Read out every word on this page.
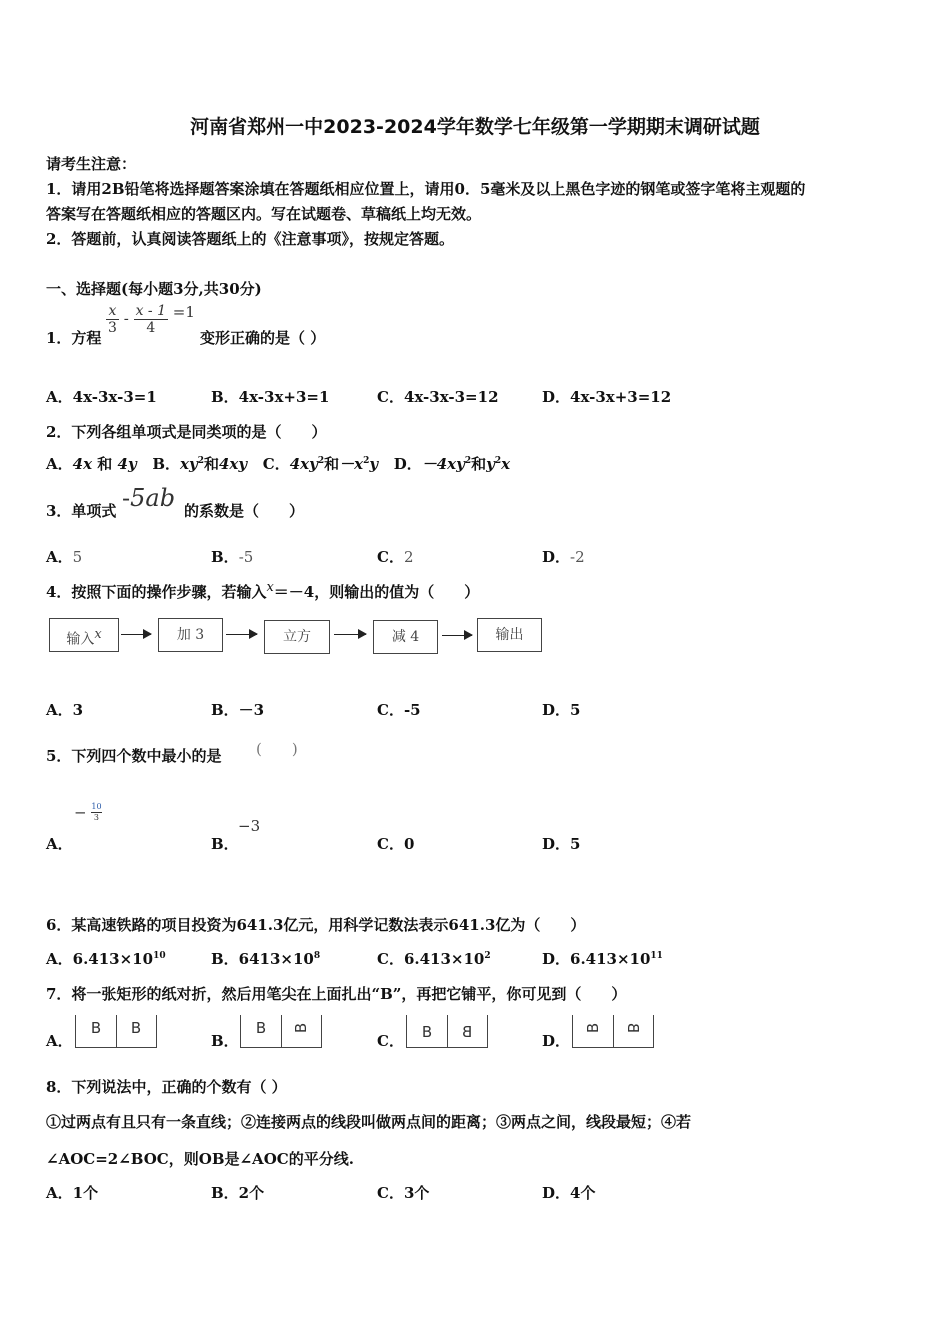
河南省郑州一中2023-2024学年数学七年级第一学期期末调研试题
请考生注意：
1．请用2B铅笔将选择题答案涂填在答题纸相应位置上，请用0．5毫米及以上黑色字迹的钢笔或签字笔将主观题的
答案写在答题纸相应的答题区内。写在试题卷、草稿纸上均无效。
2．答题前，认真阅读答题纸上的《注意事项》，按规定答题。
一、选择题(每小题3分,共30分)
1．方程
$\frac{x}{3} - \frac{x - 1}{4} =1$
变形正确的是（ ）
A．4x-3x-3=1	B．4x-3x+3=1	C．4x-3x-3=12	D．4x-3x+3=12
2．下列各组单项式是同类项的是（　　）
A．4x 和 4y B．$xy^2$和4xy C．$4xy^2$和$-x^2y$ D．$-4xy^2$和$y^2x$
3．单项式 -5ab 的系数是（　　）
A．5	B．-5	C．2	D．-2
4．按照下面的操作步骤，若输入$^x$＝－4，则输出的值为（　　）
输入$^x$	加 3	立方	减 4	输出
A．3	B．－3	C．-5	D．5
5．下列四个数中最小的是 (　　)
A．
− $\frac{10}{3}$
B．
−3
C．0	D．5
6．某高速铁路的项目投资为641.3亿元，用科学记数法表示641.3亿为（　　）
A．$6.413\times 10^{10}$	B．$6413\times 10^8$	C．$6.413\times 10^2$	D．$6.413\times 10^{11}$
7．将一张矩形的纸对折，然后用笔尖在上面扎出“B”，再把它铺平，你可见到（　　）
A．
B	B
B．
B	B
C．	B	B	D．
B	B
8．下列说法中，正确的个数有（ ）
①过两点有且只有一条直线；②连接两点的线段叫做两点间的距离；③两点之间，线段最短；④若
∠AOC=2∠BOC，则OB是∠AOC的平分线.
A．1个	B．2个	C．3个	D．4个
